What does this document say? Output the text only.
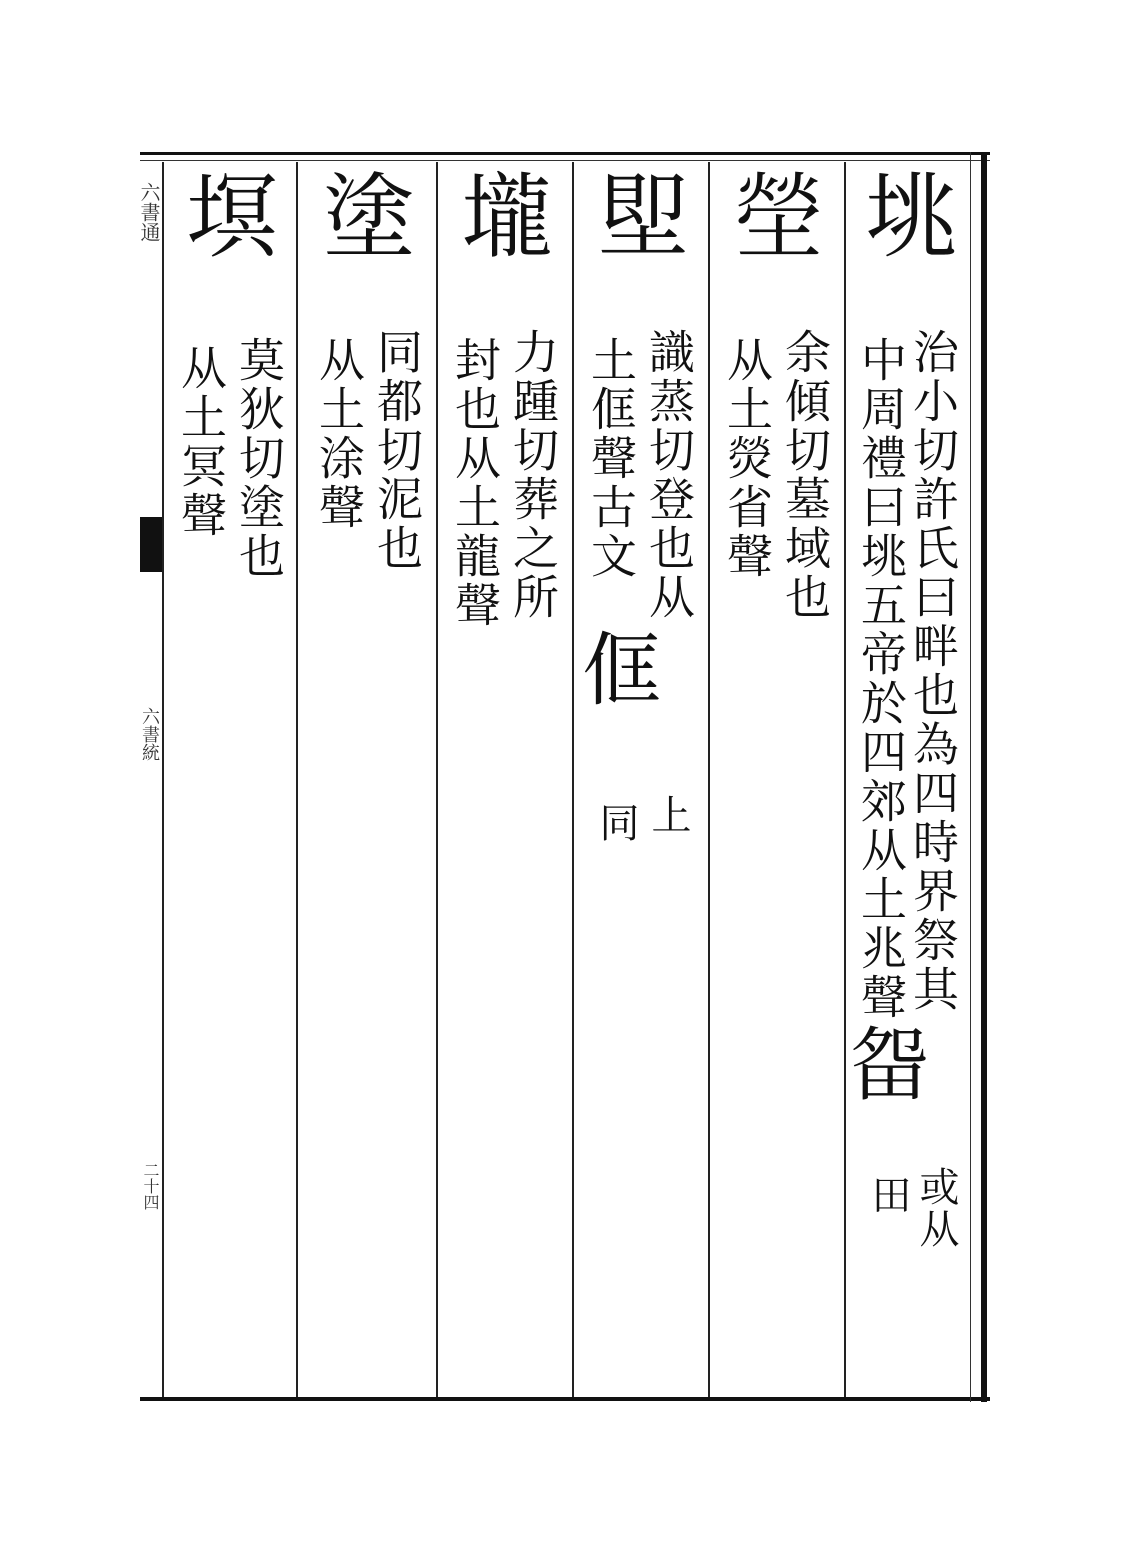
六書通
六書統
二十四
垗
治小切許氏曰畔也為四時界祭其
中周禮曰垗五帝於四郊从土兆聲
㽜
或从
田
塋
余傾切墓域也
从土熒省聲
堲
識蒸切登也从
土㑌聲古文
㑌
上
同
壠
力踵切葬之所
封也从土龍聲
塗
同都切泥也
从土涂聲
塓
莫狄切塗也
从土冥聲
